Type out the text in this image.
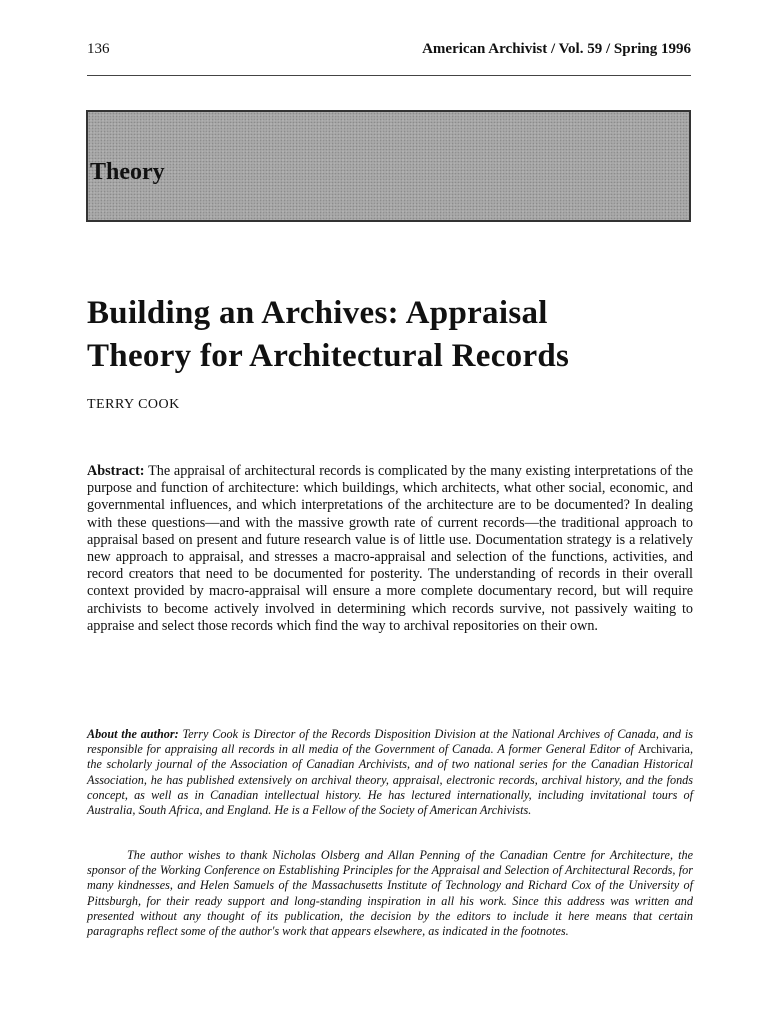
136	American Archivist / Vol. 59 / Spring 1996
Theory
Building an Archives: Appraisal
Theory for Architectural Records
TERRY COOK

Abstract: The appraisal of architectural records is complicated by the many existing interpretations of the purpose and function of architecture: which buildings, which architects, what other social, economic, and governmental influences, and which interpretations of the architecture are to be documented? In dealing with these questions—and with the massive growth rate of current records—the traditional approach to appraisal based on present and future research value is of little use. Documentation strategy is a relatively new approach to appraisal, and stresses a macro-appraisal and selection of the functions, activities, and record creators that need to be documented for posterity. The understanding of records in their overall context provided by macro-appraisal will ensure a more complete documentary record, but will require archivists to become actively involved in determining which records survive, not passively waiting to appraise and select those records which find the way to archival repositories on their own.

About the author: Terry Cook is Director of the Records Disposition Division at the National Archives of Canada, and is responsible for appraising all records in all media of the Government of Canada. A former General Editor of Archivaria, the scholarly journal of the Association of Canadian Archivists, and of two national series for the Canadian Historical Association, he has published extensively on archival theory, appraisal, electronic records, archival history, and the fonds concept, as well as in Canadian intellectual history. He has lectured internationally, including invitational tours of Australia, South Africa, and England. He is a Fellow of the Society of American Archivists.

The author wishes to thank Nicholas Olsberg and Allan Penning of the Canadian Centre for Architecture, the sponsor of the Working Conference on Establishing Principles for the Appraisal and Selection of Architectural Records, for many kindnesses, and Helen Samuels of the Massachusetts Institute of Technology and Richard Cox of the University of Pittsburgh, for their ready support and long-standing inspiration in all his work. Since this address was written and presented without any thought of its publication, the decision by the editors to include it here means that certain paragraphs reflect some of the author's work that appears elsewhere, as indicated in the footnotes.
